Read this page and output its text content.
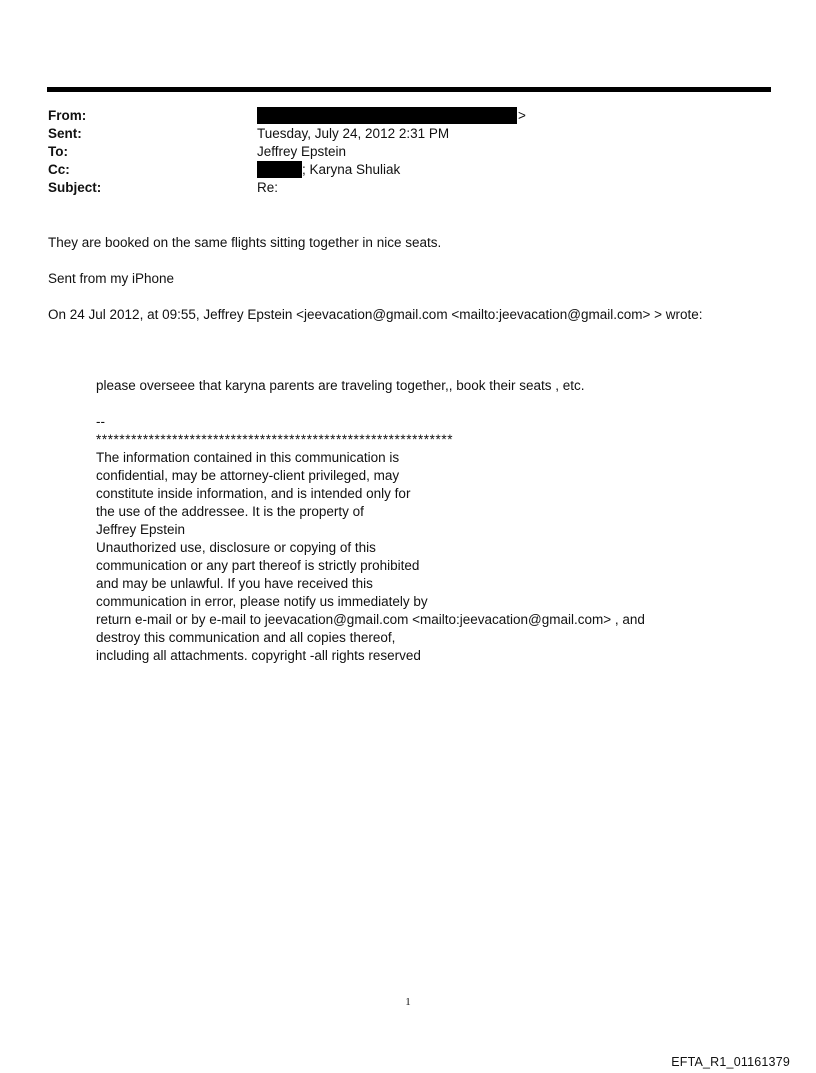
From:	>
Sent:	Tuesday, July 24, 2012 2:31 PM
To:	Jeffrey Epstein
Cc:	; Karyna Shuliak
Subject:	Re:
They are booked on the same flights sitting together in nice seats.
Sent from my iPhone
On 24 Jul 2012, at 09:55, Jeffrey Epstein <jeevacation@gmail.com <mailto:jeevacation@gmail.com> > wrote:
please overseee that karyna parents are traveling together,, book their seats , etc.
--
*************************************************************
The information contained in this communication is
confidential, may be attorney-client privileged, may
constitute inside information, and is intended only for
the use of the addressee. It is the property of
Jeffrey Epstein
Unauthorized use, disclosure or copying of this
communication or any part thereof is strictly prohibited
and may be unlawful. If you have received this
communication in error, please notify us immediately by
return e-mail or by e-mail to jeevacation@gmail.com <mailto:jeevacation@gmail.com> , and
destroy this communication and all copies thereof,
including all attachments. copyright -all rights reserved
1
EFTA_R1_01161379
